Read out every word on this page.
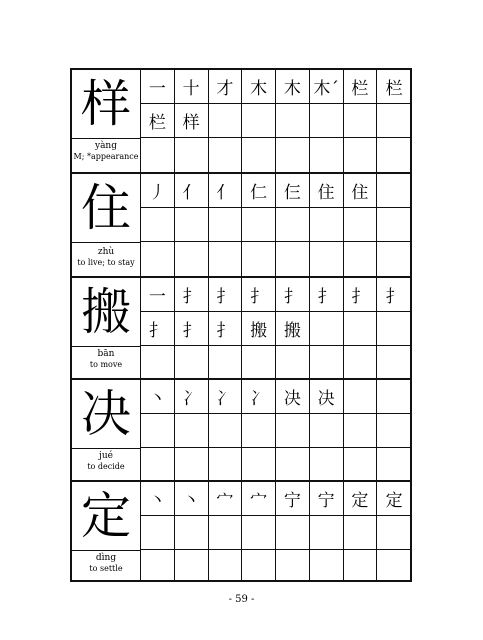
样
yàng
M; *appearance
一 十 才 木 木 木ˊ 栏	栏
栏 样
住
zhù
to live; to stay
丿 亻 亻 仁 仨 住 住
搬
bān
to move
一 扌 扌 扌 扌 扌 扌	扌
扌 扌 扌 搬 搬
决
jué
to decide
丶 冫 冫 冫 决 决
定
dìng
to settle
丶 丶 宀 宀 宁 宁 定	定
- 59 -
